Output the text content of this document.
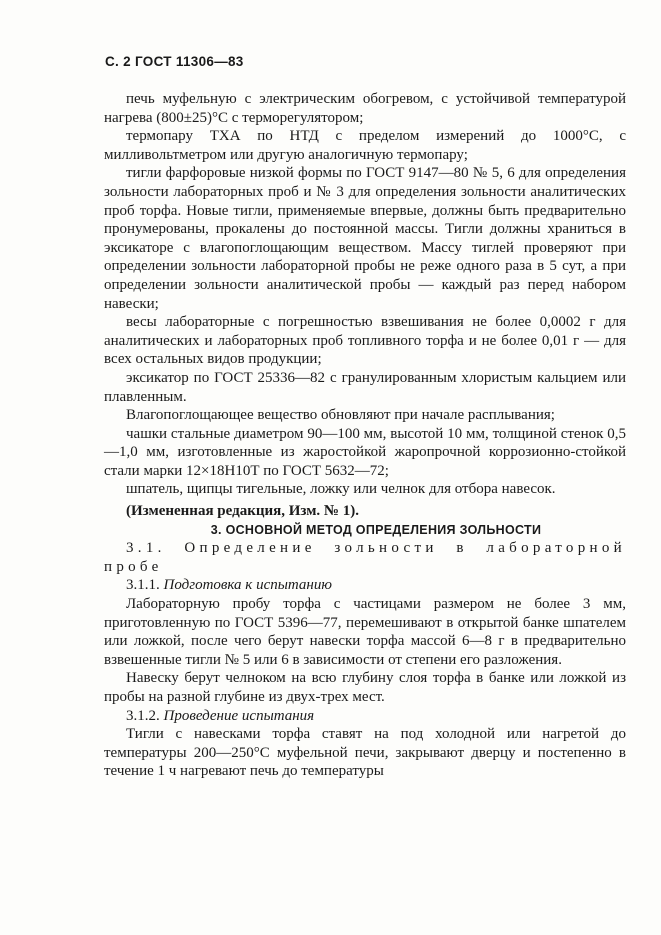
С. 2 ГОСТ 11306—83

печь муфельную с электрическим обогревом, с устойчивой температурой нагрева (800±25)°С с терморегулятором;

термопару ТХА по НТД с пределом измерений до 1000°С, с милливольтметром или другую аналогичную термопару;

тигли фарфоровые низкой формы по ГОСТ 9147—80 № 5, 6 для определения зольности лабораторных проб и № 3 для определения зольности аналитических проб торфа. Новые тигли, применяемые впервые, должны быть предварительно пронумерованы, прокалены до постоянной массы. Тигли должны храниться в эксикаторе с влагопоглощающим веществом. Массу тиглей проверяют при определении зольности лабораторной пробы не реже одного раза в 5 сут, а при определении зольности аналитической пробы — каждый раз перед набором навески;

весы лабораторные с погрешностью взвешивания не более 0,0002 г для аналитических и лабораторных проб топливного торфа и не более 0,01 г — для всех остальных видов продукции;

эксикатор по ГОСТ 25336—82 с гранулированным хлористым кальцием или плавленным.

Влагопоглощающее вещество обновляют при начале расплывания;

чашки стальные диаметром 90—100 мм, высотой 10 мм, толщиной стенок 0,5—1,0 мм, изготовленные из жаростойкой жаропрочной коррозионно-стойкой стали марки 12×18Н10Т по ГОСТ 5632—72;

шпатель, щипцы тигельные, ложку или челнок для отбора навесок.

(Измененная редакция, Изм. № 1).

3. ОСНОВНОЙ МЕТОД ОПРЕДЕЛЕНИЯ ЗОЛЬНОСТИ

3.1. Определение зольности в лабораторной пробе

3.1.1. Подготовка к испытанию

Лабораторную пробу торфа с частицами размером не более 3 мм, приготовленную по ГОСТ 5396—77, перемешивают в открытой банке шпателем или ложкой, после чего берут навески торфа массой 6—8 г в предварительно взвешенные тигли № 5 или 6 в зависимости от степени его разложения.

Навеску берут челноком на всю глубину слоя торфа в банке или ложкой из пробы на разной глубине из двух-трех мест.

3.1.2. Проведение испытания

Тигли с навесками торфа ставят на под холодной или нагретой до температуры 200—250°С муфельной печи, закрывают дверцу и постепенно в течение 1 ч нагревают печь до температуры
